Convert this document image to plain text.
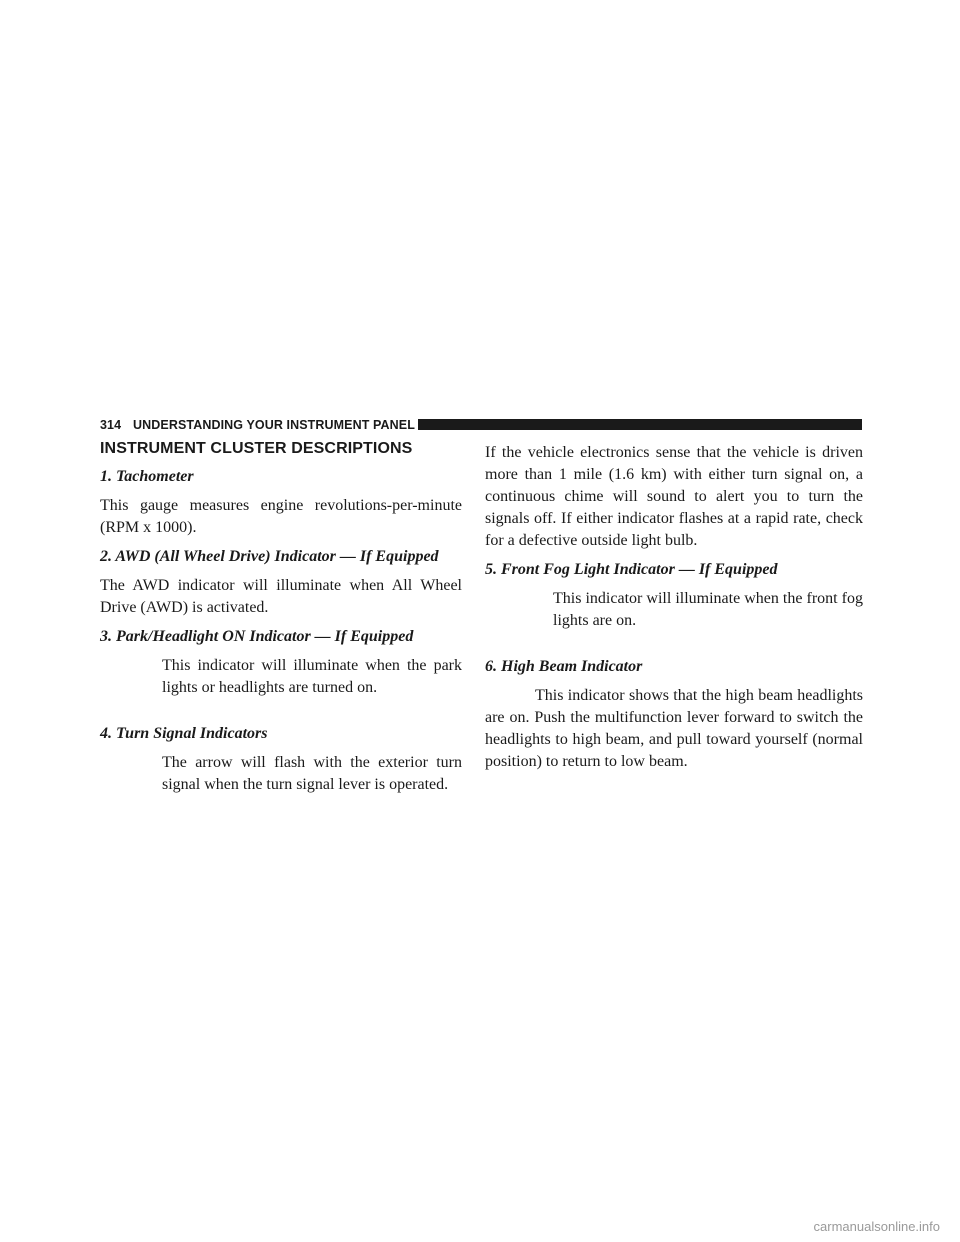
314 UNDERSTANDING YOUR INSTRUMENT PANEL
INSTRUMENT CLUSTER DESCRIPTIONS

1. Tachometer

This gauge measures engine revolutions-per-minute (RPM x 1000).

2. AWD (All Wheel Drive) Indicator — If Equipped

The AWD indicator will illuminate when All Wheel Drive (AWD) is activated.

3. Park/Headlight ON Indicator — If Equipped

This indicator will illuminate when the park lights or headlights are turned on.

4. Turn Signal Indicators

The arrow will flash with the exterior turn signal when the turn signal lever is operated.

If the vehicle electronics sense that the vehicle is driven more than 1 mile (1.6 km) with either turn signal on, a continuous chime will sound to alert you to turn the signals off. If either indicator flashes at a rapid rate, check for a defective outside light bulb.

5. Front Fog Light Indicator — If Equipped

This indicator will illuminate when the front fog lights are on.

6. High Beam Indicator

This indicator shows that the high beam headlights are on. Push the multifunction lever forward to switch the headlights to high beam, and pull toward yourself (normal position) to return to low beam.

carmanualsonline.info
